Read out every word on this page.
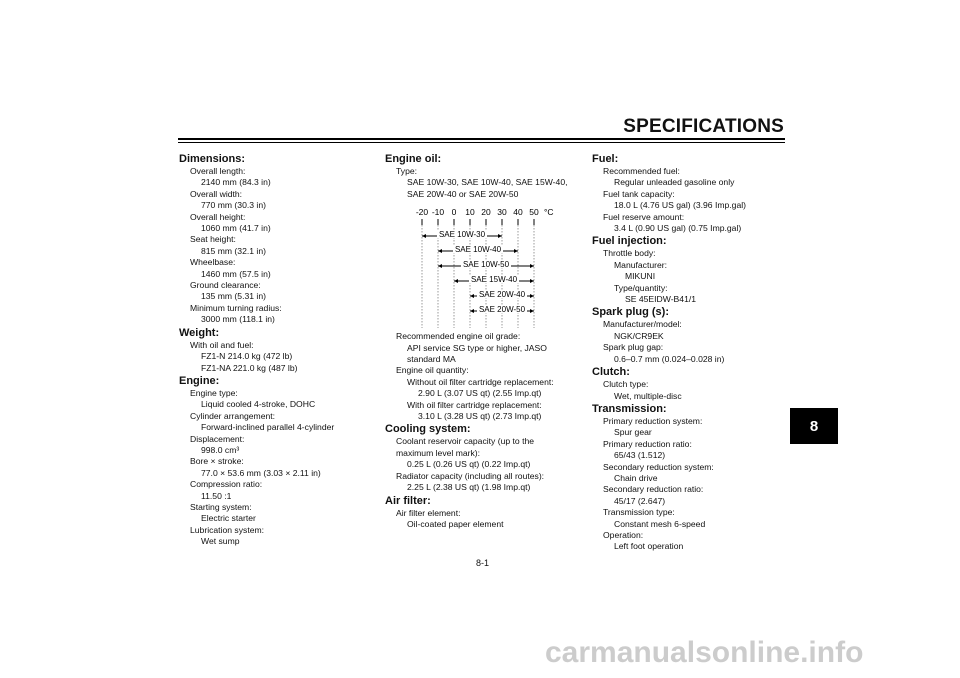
SPECIFICATIONS
8
Dimensions:
Overall length:
2140 mm (84.3 in)
Overall width:
770 mm (30.3 in)
Overall height:
1060 mm (41.7 in)
Seat height:
815 mm (32.1 in)
Wheelbase:
1460 mm (57.5 in)
Ground clearance:
135 mm (5.31 in)
Minimum turning radius:
3000 mm (118.1 in)
Weight:
With oil and fuel:
FZ1-N 214.0 kg (472 lb)
FZ1-NA 221.0 kg (487 lb)
Engine:
Engine type:
Liquid cooled 4-stroke, DOHC
Cylinder arrangement:
Forward-inclined parallel 4-cylinder
Displacement:
998.0 cm³
Bore × stroke:
77.0 × 53.6 mm (3.03 × 2.11 in)
Compression ratio:
11.50 :1
Starting system:
Electric starter
Lubrication system:
Wet sump
Engine oil:
Type:
SAE 10W-30, SAE 10W-40, SAE 15W-40,
SAE 20W-40 or SAE 20W-50
-20 -10 0 10 20 30 40 50 °C
SAE 10W-30
SAE 10W-40
SAE 10W-50
SAE 15W-40
SAE 20W-40
SAE 20W-50
Recommended engine oil grade:
API service SG type or higher, JASO
standard MA
Engine oil quantity:
Without oil filter cartridge replacement:
2.90 L (3.07 US qt) (2.55 Imp.qt)
With oil filter cartridge replacement:
3.10 L (3.28 US qt) (2.73 Imp.qt)
Cooling system:
Coolant reservoir capacity (up to the
maximum level mark):
0.25 L (0.26 US qt) (0.22 Imp.qt)
Radiator capacity (including all routes):
2.25 L (2.38 US qt) (1.98 Imp.qt)
Air filter:
Air filter element:
Oil-coated paper element
Fuel:
Recommended fuel:
Regular unleaded gasoline only
Fuel tank capacity:
18.0 L (4.76 US gal) (3.96 Imp.gal)
Fuel reserve amount:
3.4 L (0.90 US gal) (0.75 Imp.gal)
Fuel injection:
Throttle body:
Manufacturer:
MIKUNI
Type/quantity:
SE 45EIDW-B41/1
Spark plug (s):
Manufacturer/model:
NGK/CR9EK
Spark plug gap:
0.6–0.7 mm (0.024–0.028 in)
Clutch:
Clutch type:
Wet, multiple-disc
Transmission:
Primary reduction system:
Spur gear
Primary reduction ratio:
65/43 (1.512)
Secondary reduction system:
Chain drive
Secondary reduction ratio:
45/17 (2.647)
Transmission type:
Constant mesh 6-speed
Operation:
Left foot operation
8-1
carmanualsonline.info
